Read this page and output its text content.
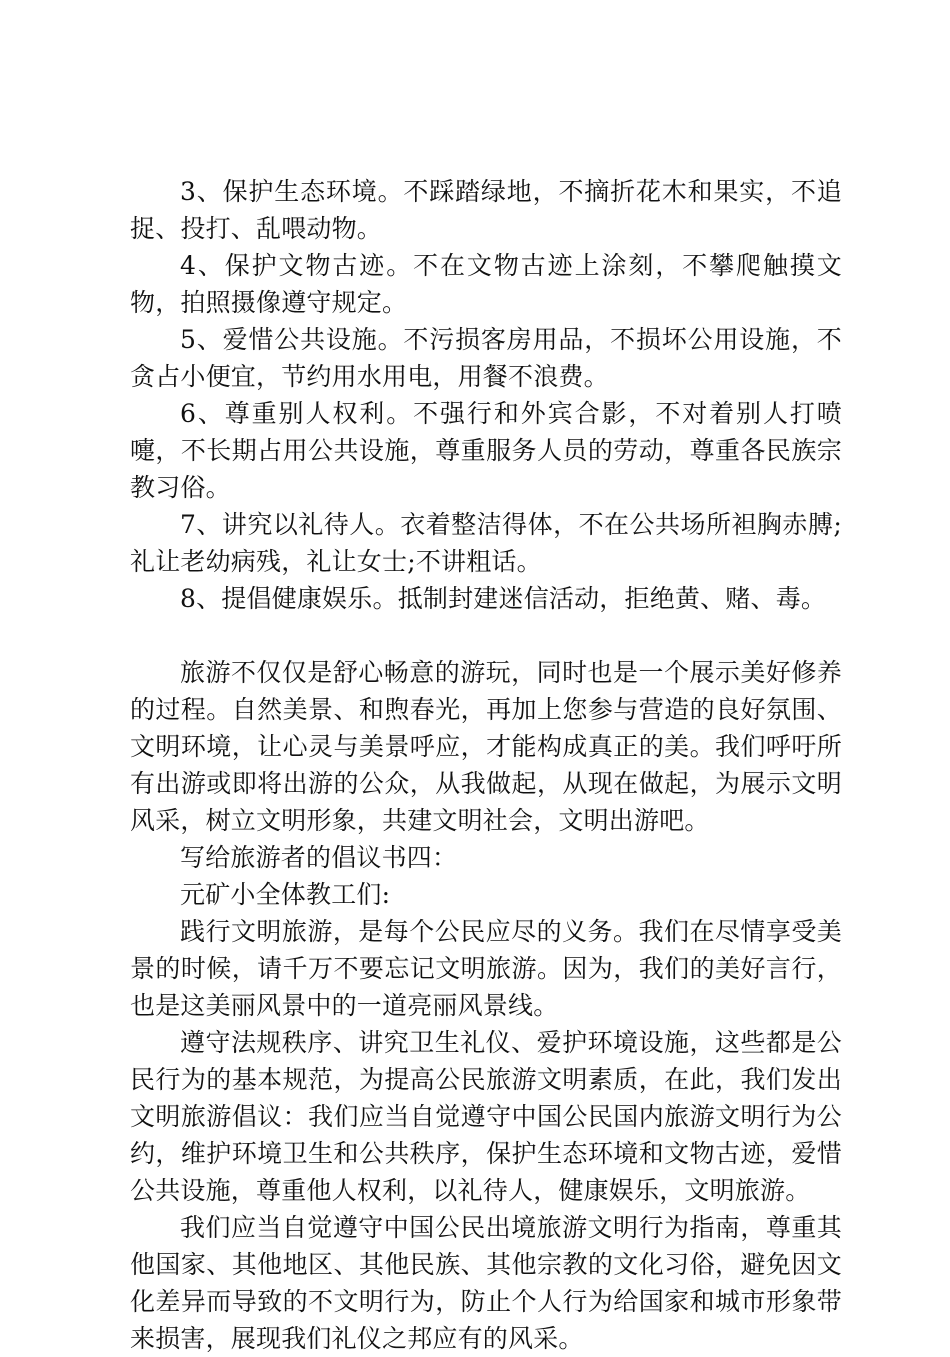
3、保护生态环境。不踩踏绿地，不摘折花木和果实，不追捉、投打、乱喂动物。

4、保护文物古迹。不在文物古迹上涂刻，不攀爬触摸文物，拍照摄像遵守规定。

5、爱惜公共设施。不污损客房用品，不损坏公用设施，不贪占小便宜，节约用水用电，用餐不浪费。

6、尊重别人权利。不强行和外宾合影，不对着别人打喷嚏，不长期占用公共设施，尊重服务人员的劳动，尊重各民族宗教习俗。

7、讲究以礼待人。衣着整洁得体，不在公共场所袒胸赤膊;礼让老幼病残，礼让女士;不讲粗话。

8、提倡健康娱乐。抵制封建迷信活动，拒绝黄、赌、毒。

旅游不仅仅是舒心畅意的游玩，同时也是一个展示美好修养的过程。自然美景、和煦春光，再加上您参与营造的良好氛围、文明环境，让心灵与美景呼应，才能构成真正的美。我们呼吁所有出游或即将出游的公众，从我做起，从现在做起，为展示文明风采，树立文明形象，共建文明社会，文明出游吧。

写给旅游者的倡议书四：

元矿小全体教工们:

践行文明旅游，是每个公民应尽的义务。我们在尽情享受美景的时候，请千万不要忘记文明旅游。因为，我们的美好言行，也是这美丽风景中的一道亮丽风景线。

遵守法规秩序、讲究卫生礼仪、爱护环境设施，这些都是公民行为的基本规范，为提高公民旅游文明素质，在此，我们发出文明旅游倡议：我们应当自觉遵守中国公民国内旅游文明行为公约，维护环境卫生和公共秩序，保护生态环境和文物古迹，爱惜公共设施，尊重他人权利，以礼待人，健康娱乐，文明旅游。

我们应当自觉遵守中国公民出境旅游文明行为指南，尊重其他国家、其他地区、其他民族、其他宗教的文化习俗，避免因文化差异而导致的不文明行为，防止个人行为给国家和城市形象带来损害，展现我们礼仪之邦应有的风采。
